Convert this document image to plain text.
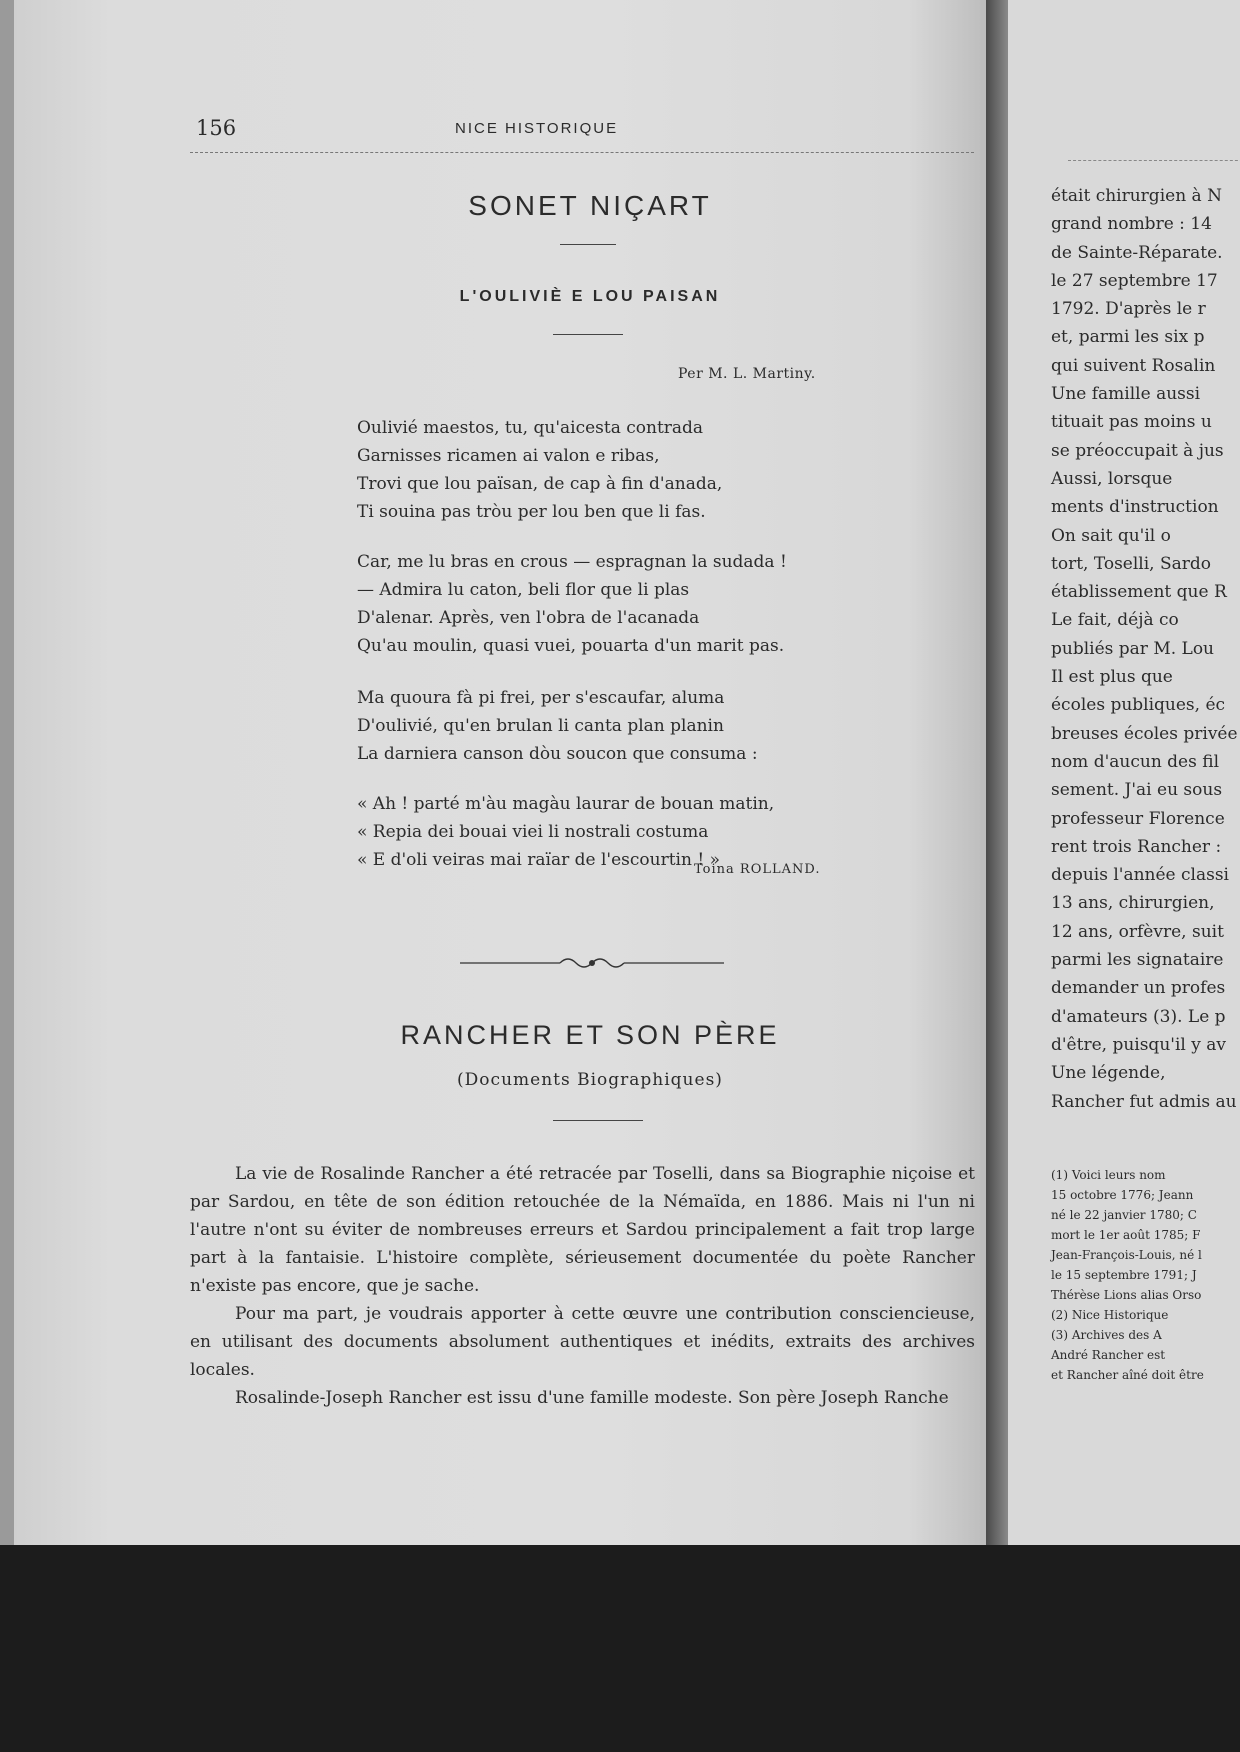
156	NICE HISTORIQUE
SONET NIÇART
L'OULIVIÈ E LOU PAISAN
Per M. L. Martiny.
Oulivié maestos, tu, qu'aicesta contrada
Garnisses ricamen ai valon e ribas,
Trovi que lou païsan, de cap à fin d'anada,
Ti souina pas tròu per lou ben que li fas.
Car, me lu bras en crous — espragnan la sudada !
— Admira lu caton, beli flor que li plas
D'alenar. Après, ven l'obra de l'acanada
Qu'au moulin, quasi vuei, pouarta d'un marit pas.
Ma quoura fà pi frei, per s'escaufar, aluma
D'oulivié, qu'en brulan li canta plan planin
La darniera canson dòu soucon que consuma :
« Ah ! parté m'àu magàu laurar de bouan matin,
« Repia dei bouai viei li nostrali costuma
« E d'oli veiras mai raïar de l'escourtin ! »
Toina ROLLAND.
RANCHER ET SON PÈRE
(Documents Biographiques)

La vie de Rosalinde Rancher a été retracée par Toselli, dans sa Biographie niçoise et par Sardou, en tête de son édition retouchée de la Némaïda, en 1886. Mais ni l'un ni l'autre n'ont su éviter de nombreuses erreurs et Sardou principalement a fait trop large part à la fantaisie. L'histoire complète, sérieusement documentée du poète Rancher n'existe pas encore, que je sache.

Pour ma part, je voudrais apporter à cette œuvre une contribution consciencieuse, en utilisant des documents absolument authentiques et inédits, extraits des archives locales.

Rosalinde-Joseph Rancher est issu d'une famille modeste. Son père Joseph Ranche

était chirurgien à N
grand nombre : 14
de Sainte-Réparate.
le 27 septembre 17
1792. D'après le r
et, parmi les six p
qui suivent Rosalin
Une famille aussi
tituait pas moins u
se préoccupait à jus
Aussi, lorsque
ments d'instruction
On sait qu'il o
tort, Toselli, Sardo
établissement que R
Le fait, déjà co
publiés par M. Lou
Il est plus que
écoles publiques, éc
breuses écoles privée
nom d'aucun des fil
sement. J'ai eu sous
professeur Florence
rent trois Rancher :
depuis l'année classi
13 ans, chirurgien,
12 ans, orfèvre, suit
parmi les signataire
demander un profes
d'amateurs (3). Le p
d'être, puisqu'il y av
Une légende,
Rancher fut admis au
(1) Voici leurs nom
15 octobre 1776; Jeann
né le 22 janvier 1780; C
mort le 1er août 1785; F
Jean-François-Louis, né l
le 15 septembre 1791; J
Thérèse Lions alias Orso
(2) Nice Historique
(3) Archives des A
André Rancher est
et Rancher aîné doit être
